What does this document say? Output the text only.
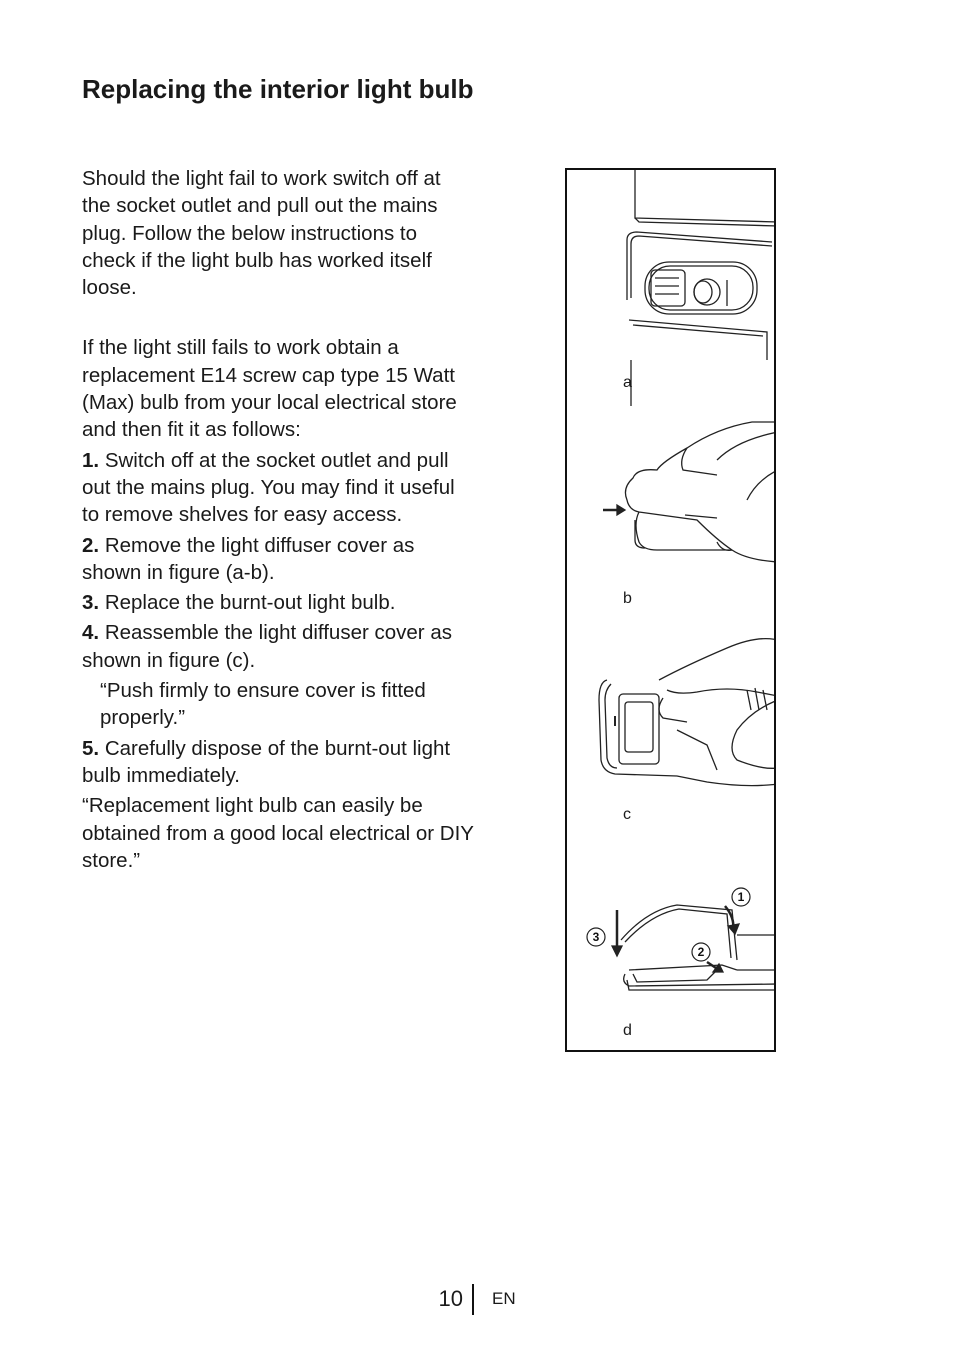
Replacing the interior light bulb

Should the light fail to work switch off at the socket outlet and pull out the mains plug. Follow the below instructions to check if the light bulb has worked itself loose.

If the light still fails to work obtain a replacement E14 screw cap type 15 Watt (Max) bulb from your local electrical store and then fit it as follows:

1. Switch off at the socket outlet and pull out the mains plug. You may find it useful to remove shelves for easy access.

2. Remove the light diffuser cover as shown in figure (a-b).

3. Replace the burnt-out light bulb.

4. Reassemble the light diffuser cover as shown in figure (c).

“Push firmly to ensure cover is fitted properly.”

5. Carefully dispose of the burnt-out light bulb immediately.

“Replacement light bulb can easily be obtained from a good local electrical or DIY store.”

1
2
3
a
b
c
d
10 EN
